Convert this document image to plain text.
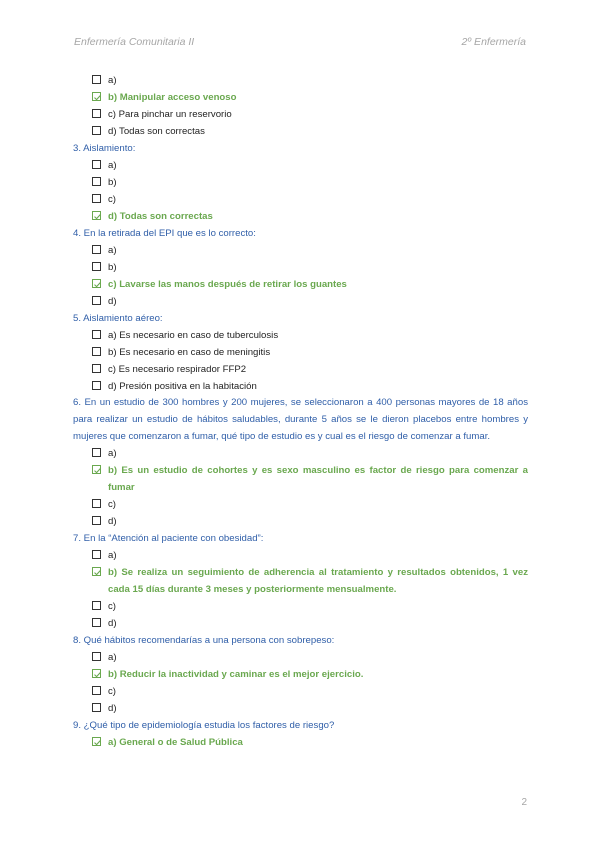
Enfermería Comunitaria II	2º Enfermería
a)
b) Manipular acceso venoso
c) Para pinchar un reservorio
d) Todas son correctas
3. Aislamiento:
a)
b)
c)
d) Todas son correctas
4. En la retirada del EPI que es lo correcto:
a)
b)
c) Lavarse las manos después de retirar los guantes
d)
5. Aislamiento aéreo:
a) Es necesario en caso de tuberculosis
b) Es necesario en caso de meningitis
c) Es necesario respirador FFP2
d) Presión positiva en la habitación
6. En un estudio de 300 hombres y 200 mujeres, se seleccionaron a 400 personas mayores de 18 años para realizar un estudio de hábitos saludables, durante 5 años se le dieron placebos entre hombres y mujeres que comenzaron a fumar, qué tipo de estudio es y cual es el riesgo de comenzar a fumar.
a)
b) Es un estudio de cohortes y es sexo masculino es factor de riesgo para comenzar a fumar
c)
d)
7. En la “Atención al paciente con obesidad”:
a)
b) Se realiza un seguimiento de adherencia al tratamiento y resultados obtenidos, 1 vez cada 15 días durante 3 meses y posteriormente mensualmente.
c)
d)
8. Qué hábitos recomendarías a una persona con sobrepeso:
a)
b) Reducir la inactividad y caminar es el mejor ejercicio.
c)
d)
9. ¿Qué tipo de epidemiología estudia los factores de riesgo?
a) General o de Salud Pública
2
